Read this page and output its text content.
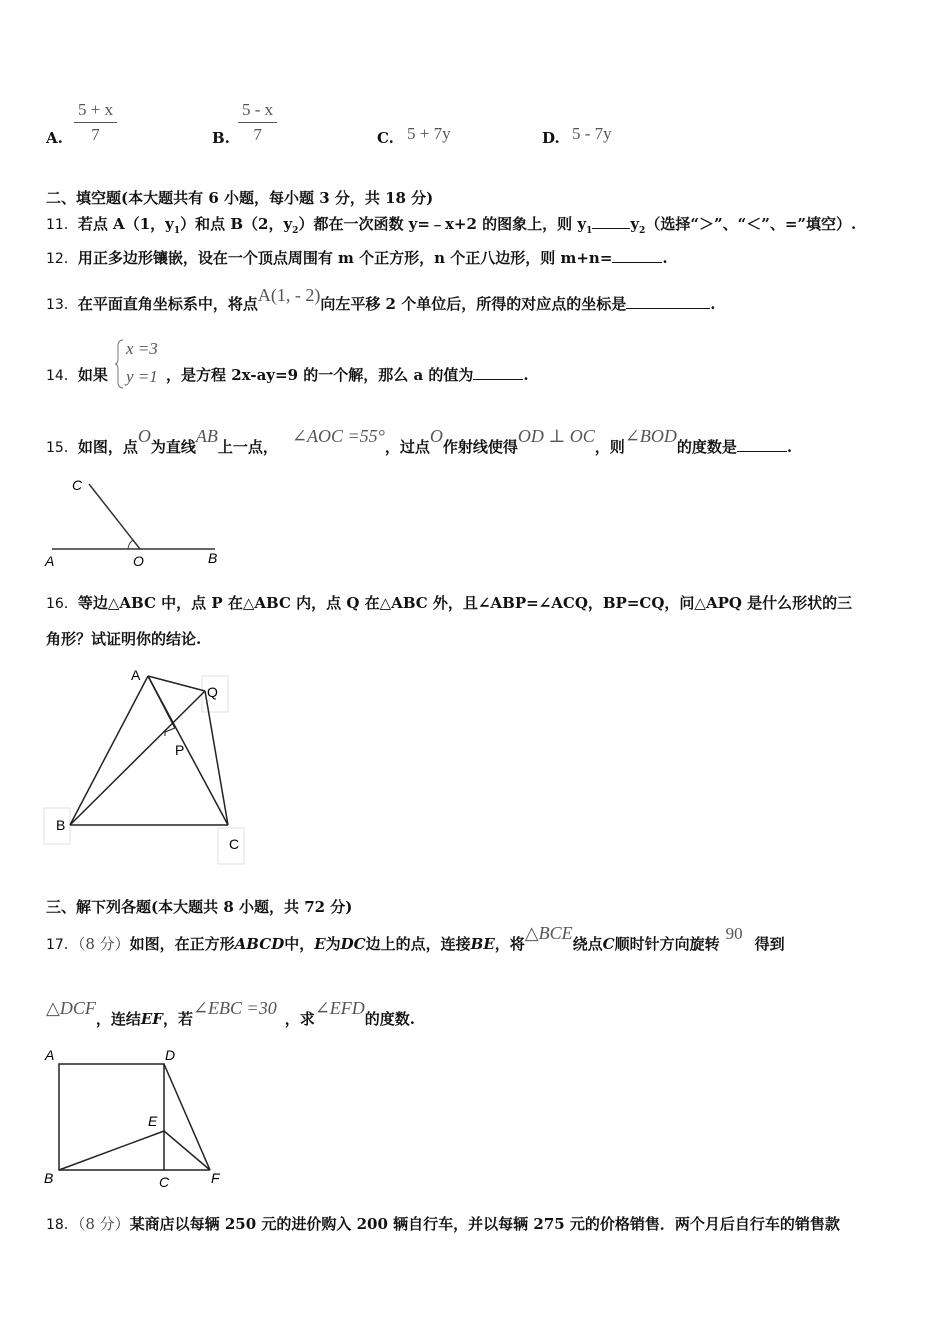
A. $\frac{5 + x}{7}$	B. $\frac{5 - x}{7}$	C. 5 + 7y	D. 5 - 7y
二、填空题(本大题共有 6 小题，每小题 3 分，共 18 分)
11．若点 A（1，$y_1$）和点 B（2，$y_2$）都在一次函数 y=﹣x+2 的图象上，则 $y_1$	$y_2$（选择“＞”、“＜”、=”填空）.
12．用正多边形镶嵌，设在一个顶点周围有 m 个正方形，n 个正八边形，则 m+n=	.
13．在平面直角坐标系中，将点A(1, - 2)向左平移 2 个单位后，所得的对应点的坐标是	.
14．如果
x =3
y =1 ，是方程 2x-ay=9 的一个解，那么 a 的值为	.
15．如图，点O为直线AB上一点，∠AOC =55°，过点O作射线使得OD ⊥ OC，则∠BOD的度数是	.
C
A	O	B
16．等边△ABC 中，点 P 在△ABC 内，点 Q 在△ABC 外，且∠ABP=∠ACQ，BP=CQ，问△APQ 是什么形状的三
角形？试证明你的结论.
A
Q
P
B
C
三、解下列各题(本大题共 8 小题，共 72 分)
17．（8 分）如图，在正方形ABCD中，E为DC边上的点，连接BE，将△BCE绕点C顺时针方向旋转90得到
△DCF，连结EF，若∠EBC =30，求∠EFD的度数.
A	D
E
B	C	F
18．（8 分）某商店以每辆 250 元的进价购入 200 辆自行车，并以每辆 275 元的价格销售．两个月后自行车的销售款
